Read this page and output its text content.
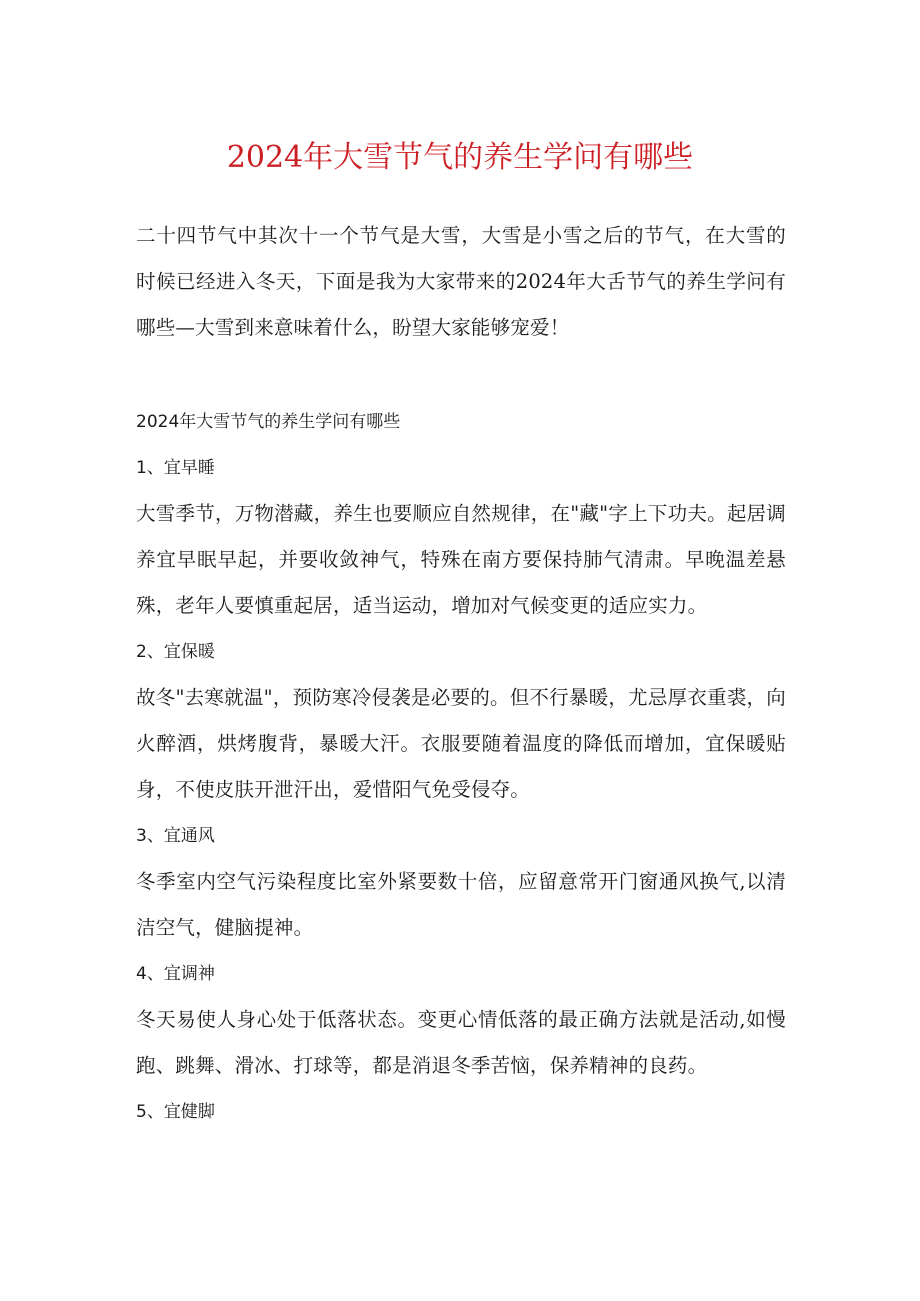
2024年大雪节气的养生学问有哪些

二十四节气中其次十一个节气是大雪，大雪是小雪之后的节气，在大雪的时候已经进入冬天，下面是我为大家带来的2024年大舌节气的养生学问有哪些—大雪到来意味着什么，盼望大家能够宠爱！

2024年大雪节气的养生学问有哪些

1、宜早睡

大雪季节，万物潜藏，养生也要顺应自然规律，在"藏"字上下功夫。起居调养宜早眠早起，并要收敛神气，特殊在南方要保持肺气清肃。早晚温差悬殊，老年人要慎重起居，适当运动，增加对气候变更的适应实力。

2、宜保暖

故冬"去寒就温"，预防寒冷侵袭是必要的。但不行暴暖，尤忌厚衣重裘，向火醉酒，烘烤腹背，暴暖大汗。衣服要随着温度的降低而增加，宜保暖贴身，不使皮肤开泄汗出，爱惜阳气免受侵夺。

3、宜通风

冬季室内空气污染程度比室外紧要数十倍，应留意常开门窗通风换气,以清洁空气，健脑提神。

4、宜调神

冬天易使人身心处于低落状态。变更心情低落的最正确方法就是活动,如慢跑、跳舞、滑冰、打球等，都是消退冬季苦恼，保养精神的良药。

5、宜健脚
